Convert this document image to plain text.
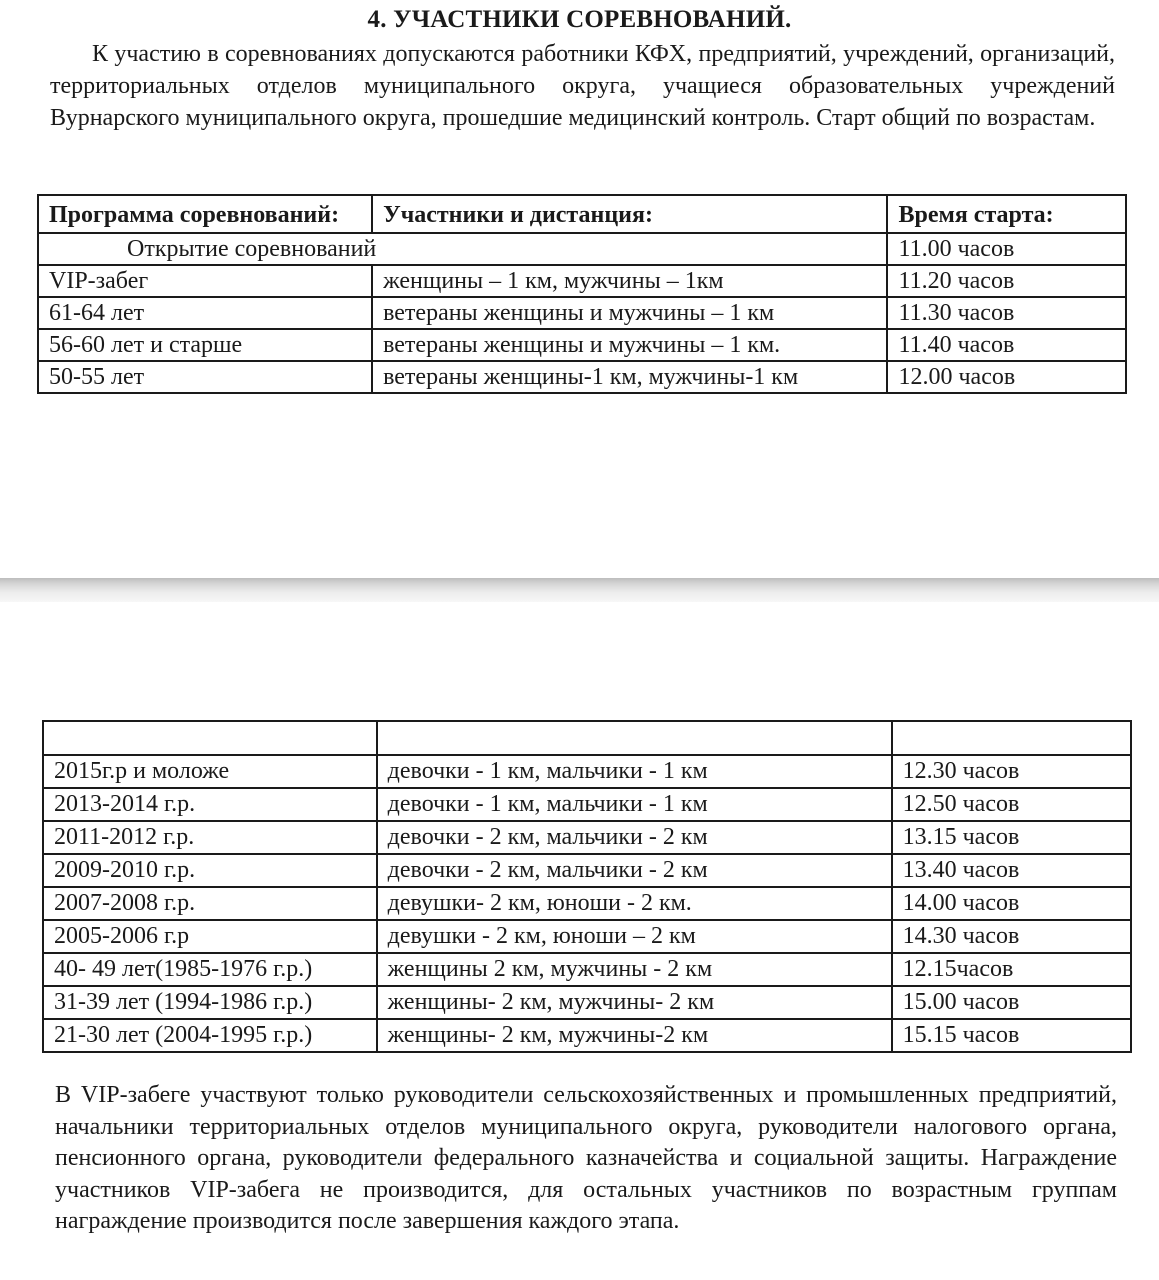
4. УЧАСТНИКИ СОРЕВНОВАНИЙ.
К участию в соревнованиях допускаются работники КФХ, предприятий, учреждений, организаций, территориальных отделов муниципального округа, учащиеся образовательных учреждений Вурнарского муниципального округа, прошедшие медицинский контроль. Старт общий по возрастам.
Программа соревнований:	Участники и дистанция:	Время старта:
Открытие соревнований		11.00 часов
VIP-забег	женщины – 1 км, мужчины – 1км	11.20 часов
61-64 лет	ветераны женщины и мужчины – 1 км	11.30 часов
56-60 лет и старше	ветераны женщины и мужчины – 1 км.	11.40 часов
50-55 лет	ветераны женщины-1 км, мужчины-1 км	12.00 часов

2015г.р и моложе	девочки - 1 км, мальчики - 1 км	12.30 часов
2013-2014 г.р.	девочки - 1 км, мальчики - 1 км	12.50 часов
2011-2012 г.р.	девочки - 2 км, мальчики - 2 км	13.15 часов
2009-2010 г.р.	девочки - 2 км, мальчики - 2 км	13.40 часов
2007-2008 г.р.	девушки- 2 км, юноши - 2 км.	14.00 часов
2005-2006 г.р	девушки - 2 км, юноши – 2 км	14.30 часов
40- 49 лет(1985-1976 г.р.)	женщины 2 км, мужчины - 2 км	12.15часов
31-39 лет (1994-1986 г.р.)	женщины- 2 км, мужчины- 2 км	15.00 часов
21-30 лет (2004-1995 г.р.)	женщины- 2 км, мужчины-2 км	15.15 часов
В VIP-забеге участвуют только руководители сельскохозяйственных и промышленных предприятий, начальники территориальных отделов муниципального округа, руководители налогового органа, пенсионного органа, руководители федерального казначейства и социальной защиты. Награждение участников VIP-забега не производится, для остальных участников по возрастным группам награждение производится после завершения каждого этапа.
